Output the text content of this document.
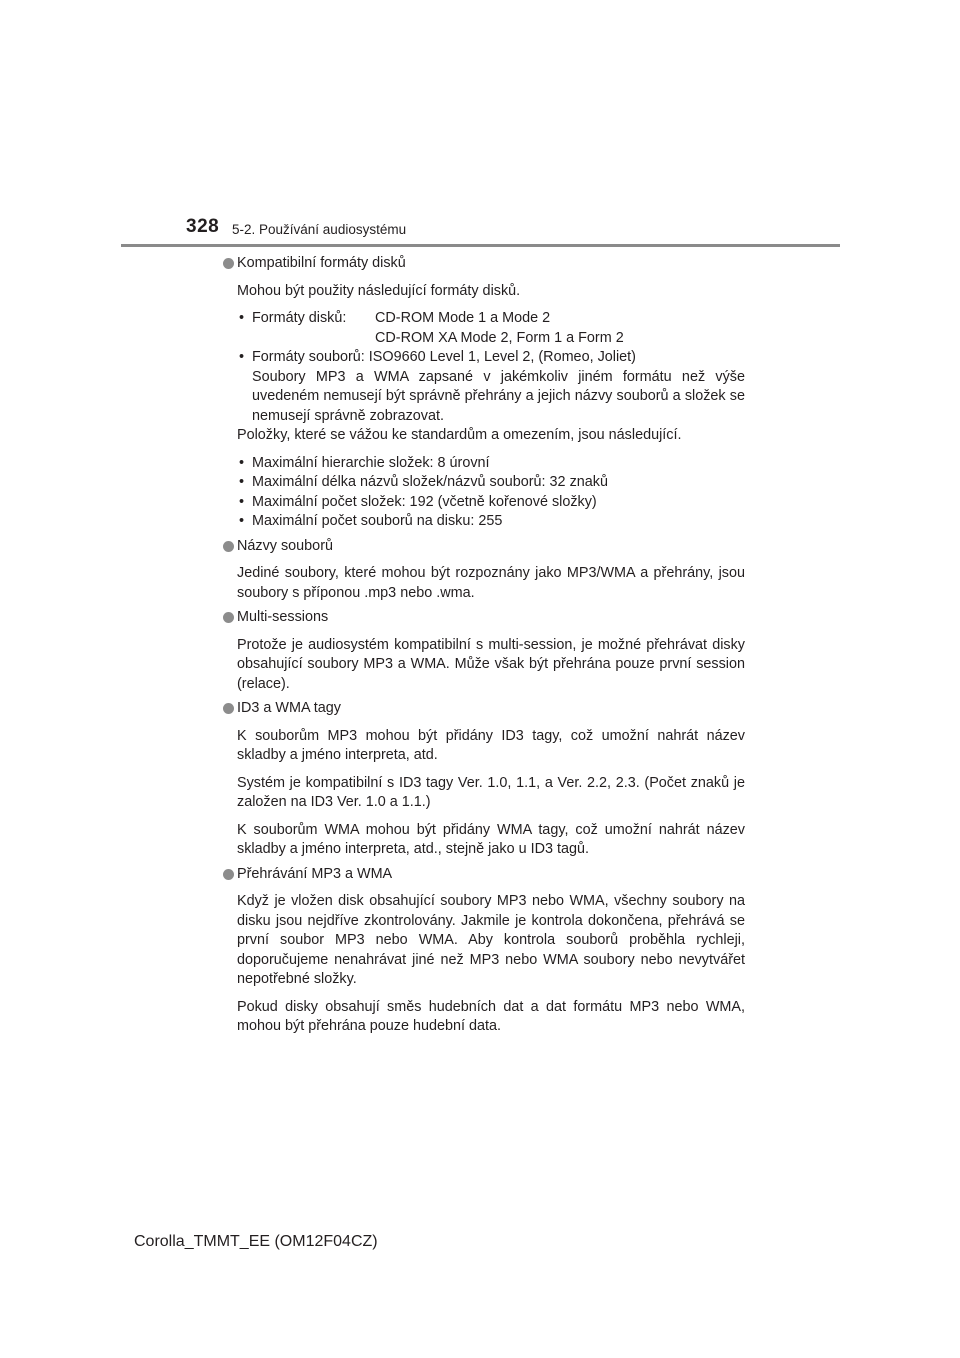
328 5-2. Používání audiosystému
Kompatibilní formáty disků
Mohou být použity následující formáty disků.
• Formáty disků:	CD-ROM Mode 1 a Mode 2
CD-ROM XA Mode 2, Form 1 a Form 2
• Formáty souborů: ISO9660 Level 1, Level 2, (Romeo, Joliet)
Soubory MP3 a WMA zapsané v jakémkoliv jiném formátu než výše uvedeném nemusejí být správně přehrány a jejich názvy souborů a složek se nemusejí správně zobrazovat.
Položky, které se vážou ke standardům a omezením, jsou následující.
• Maximální hierarchie složek: 8 úrovní
• Maximální délka názvů složek/názvů souborů: 32 znaků
• Maximální počet složek: 192 (včetně kořenové složky)
• Maximální počet souborů na disku: 255
Názvy souborů
Jediné soubory, které mohou být rozpoznány jako MP3/WMA a přehrány, jsou soubory s příponou .mp3 nebo .wma.
Multi-sessions
Protože je audiosystém kompatibilní s multi-session, je možné přehrávat disky obsahující soubory MP3 a WMA. Může však být přehrána pouze první session (relace).
ID3 a WMA tagy
K souborům MP3 mohou být přidány ID3 tagy, což umožní nahrát název skladby a jméno interpreta, atd.
Systém je kompatibilní s ID3 tagy Ver. 1.0, 1.1, a Ver. 2.2, 2.3. (Počet znaků je založen na ID3 Ver. 1.0 a 1.1.)
K souborům WMA mohou být přidány WMA tagy, což umožní nahrát název skladby a jméno interpreta, atd., stejně jako u ID3 tagů.
Přehrávání MP3 a WMA
Když je vložen disk obsahující soubory MP3 nebo WMA, všechny soubory na disku jsou nejdříve zkontrolovány. Jakmile je kontrola dokončena, přehrává se první soubor MP3 nebo WMA. Aby kontrola souborů proběhla rychleji, doporučujeme nenahrávat jiné než MP3 nebo WMA soubory nebo nevytvářet nepotřebné složky.
Pokud disky obsahují směs hudebních dat a dat formátu MP3 nebo WMA, mohou být přehrána pouze hudební data.
Corolla_TMMT_EE (OM12F04CZ)
